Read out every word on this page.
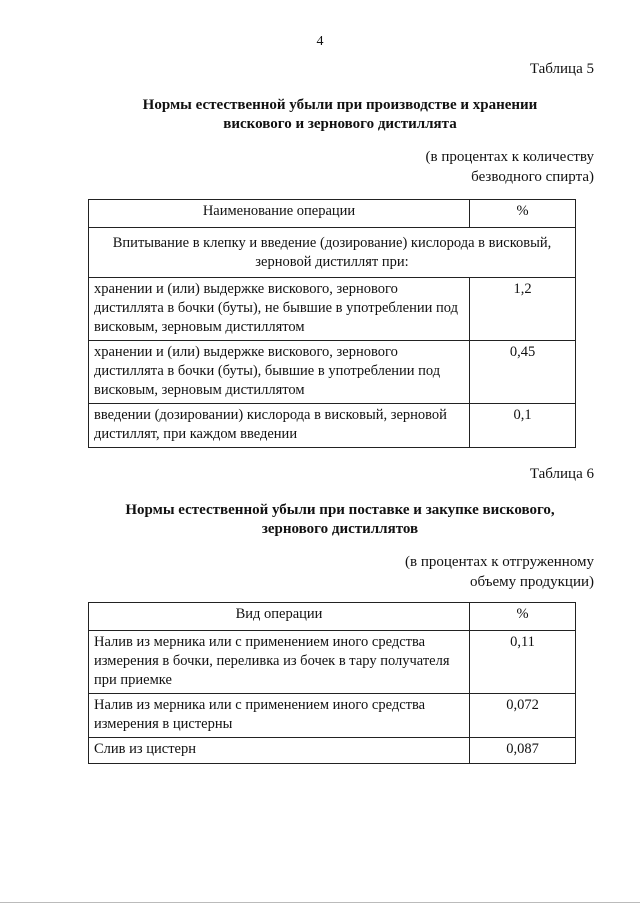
4
Таблица 5
Нормы естественной убыли при производстве и хранении
вискового и зернового дистиллята
(в процентах к количеству
безводного спирта)
Наименование операции	%
Впитывание в клепку и введение (дозирование) кислорода в висковый, зерновой дистиллят при:	
хранении и (или) выдержке вискового, зернового дистиллята в бочки (буты), не бывшие в употреблении под висковым, зерновым дистиллятом	1,2
хранении и (или) выдержке вискового, зернового дистиллята в бочки (буты), бывшие в употреблении под висковым, зерновым дистиллятом	0,45
введении (дозировании) кислорода в висковый, зерновой дистиллят, при каждом введении	0,1
Таблица 6
Нормы естественной убыли при поставке и закупке вискового,
зернового дистиллятов
(в процентах к отгруженному
объему продукции)
Вид операции	%
Налив из мерника или с применением иного средства измерения в бочки, переливка из бочек в тару получателя при приемке	0,11
Налив из мерника или с применением иного средства измерения в цистерны	0,072
Слив из цистерн	0,087
